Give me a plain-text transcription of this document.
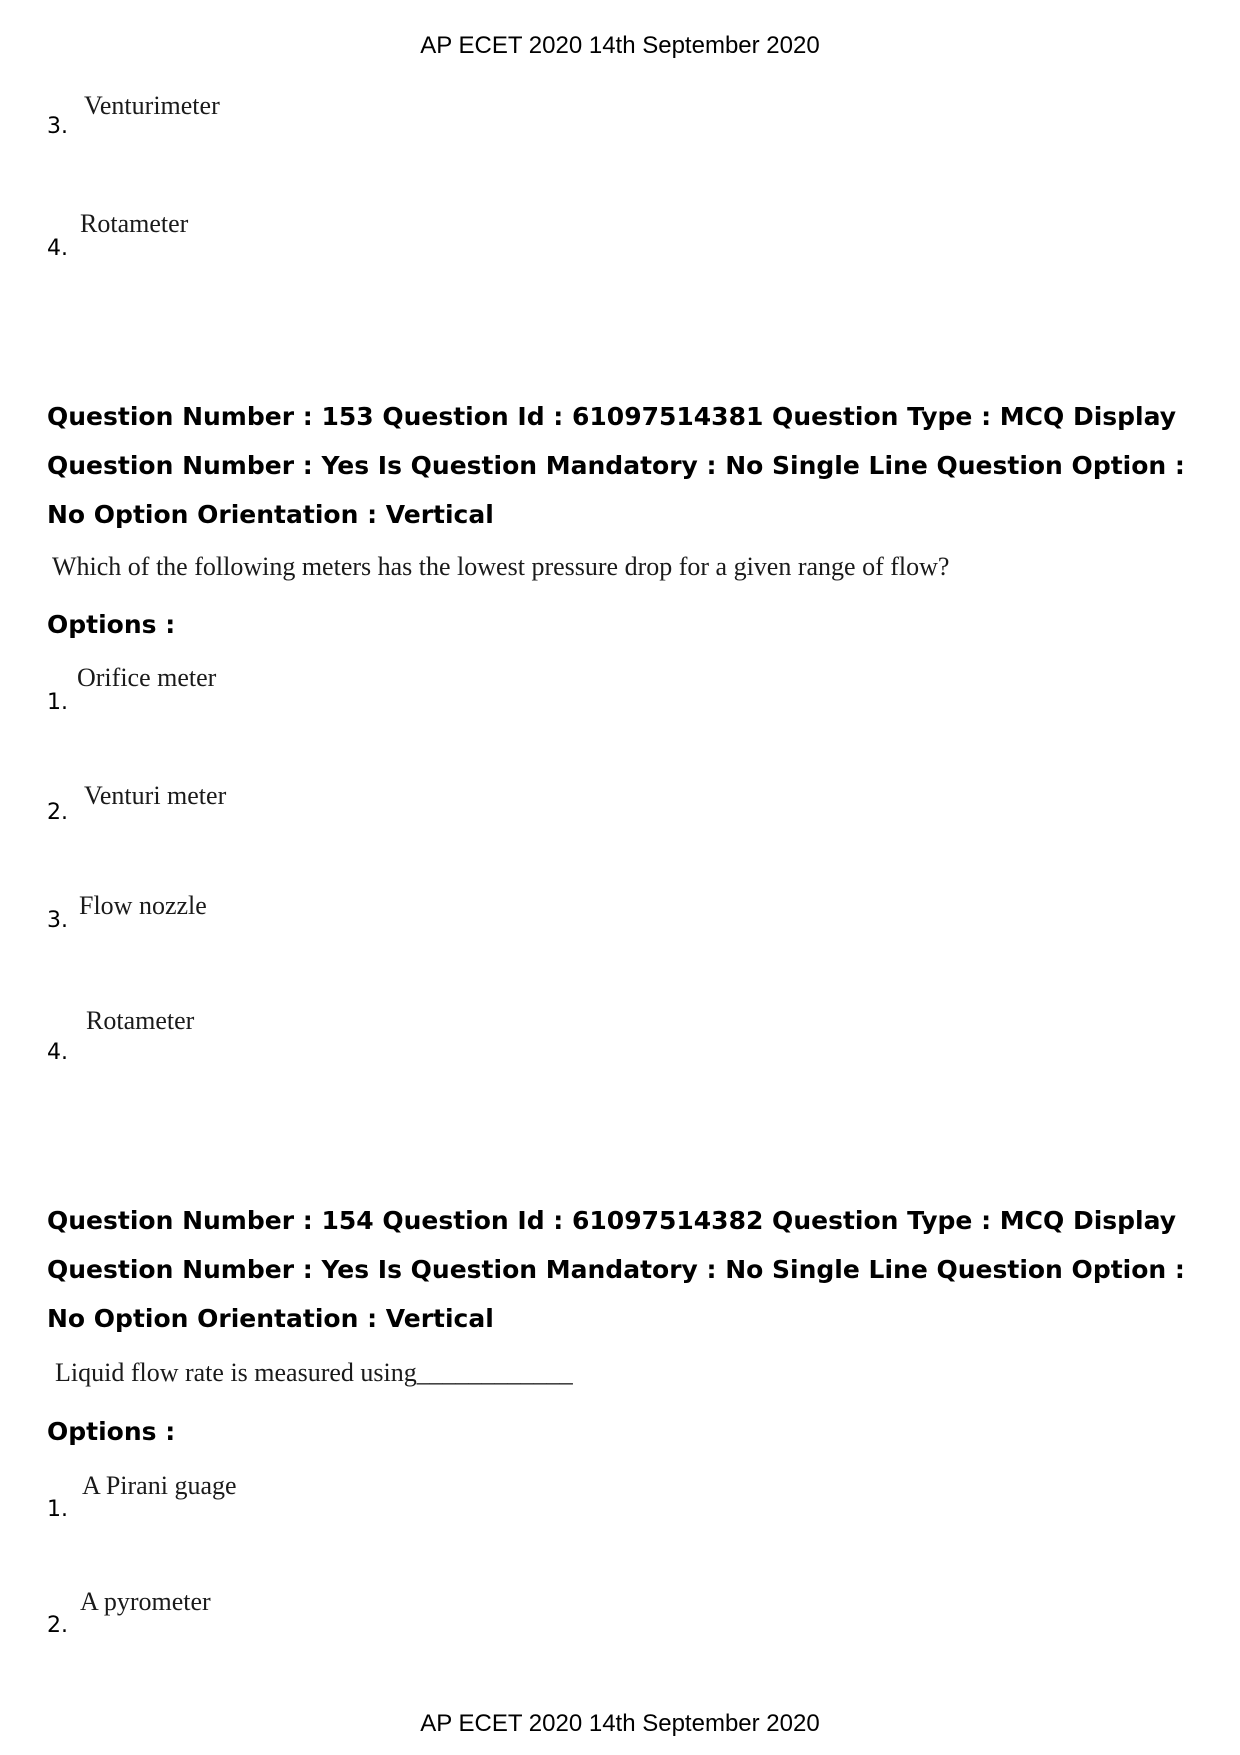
AP ECET 2020 14th September 2020
3.
Venturimeter
4.
Rotameter
Question Number : 153 Question Id : 61097514381 Question Type : MCQ Display Question Number : Yes Is Question Mandatory : No Single Line Question Option : No Option Orientation : Vertical
Which of the following meters has the lowest pressure drop for a given range of flow?
Options :
1.
Orifice meter
2.
Venturi meter
3.
Flow nozzle
4.
Rotameter
Question Number : 154 Question Id : 61097514382 Question Type : MCQ Display Question Number : Yes Is Question Mandatory : No Single Line Question Option : No Option Orientation : Vertical
Liquid flow rate is measured using____________
Options :
1.
A Pirani guage
2.
A pyrometer
AP ECET 2020 14th September 2020
